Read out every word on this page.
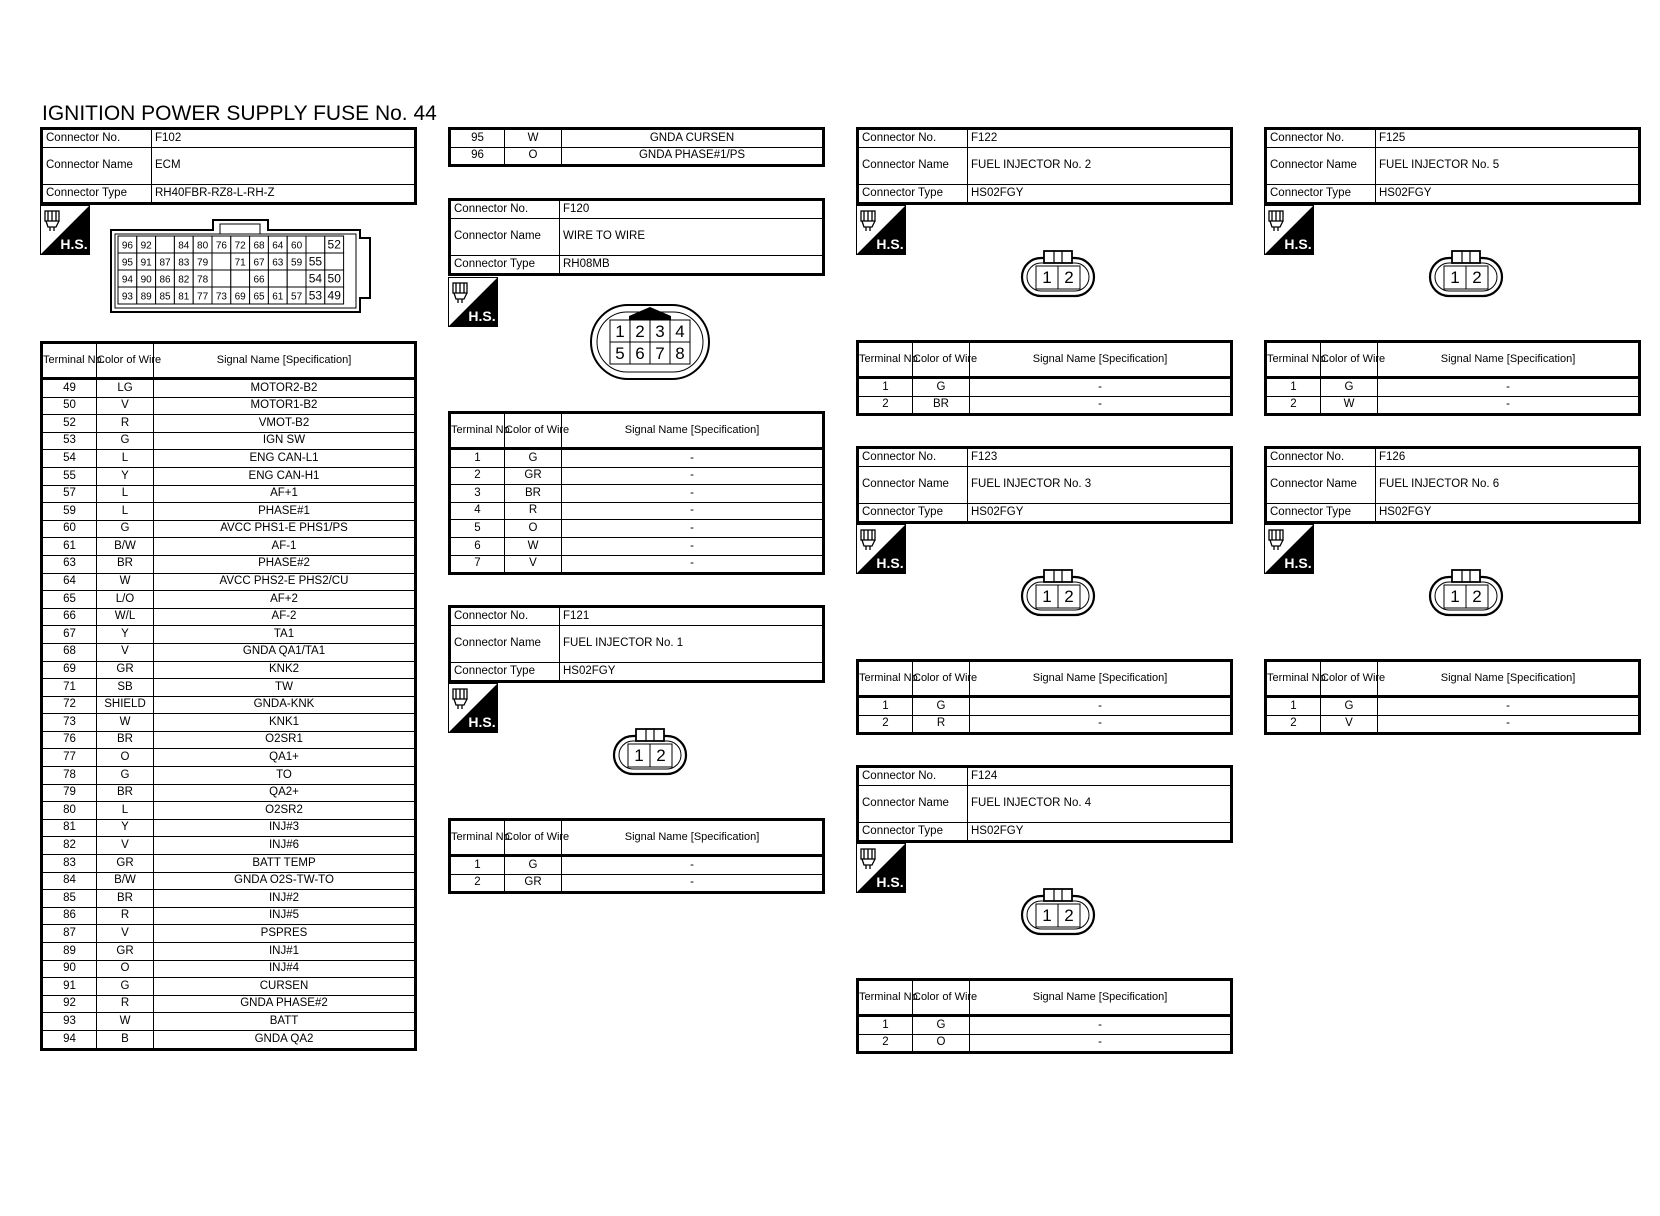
IGNITION POWER SUPPLY FUSE No. 44
Connector No.	F102
Connector Name	ECM
Connector Type	RH40FBR-RZ8-L-RH-Z
H.S.	96 92	84 80 76 72 68 64 60 52
95 91 87 83 79	71 67 63 59 55
94 90 86 82 78	66	54 50
93 89 85 81 77 73 69 65 61 57 53 49
Terminal No.	Color of Wire	Signal Name [Specification]
49	LG	MOTOR2-B2
50	V	MOTOR1-B2
52	R	VMOT-B2
53	G	IGN SW
54	L	ENG CAN-L1
55	Y	ENG CAN-H1
57	L	AF+1
59	L	PHASE#1
60	G	AVCC PHS1-E PHS1/PS
61	B/W	AF-1
63	BR	PHASE#2
64	W	AVCC PHS2-E PHS2/CU
65	L/O	AF+2
66	W/L	AF-2
67	Y	TA1
68	V	GNDA QA1/TA1
69	GR	KNK2
71	SB	TW
72	SHIELD	GNDA-KNK
73	W	KNK1
76	BR	O2SR1
77	O	QA1+
78	G	TO
79	BR	QA2+
80	L	O2SR2
81	Y	INJ#3
82	V	INJ#6
83	GR	BATT TEMP
84	B/W	GNDA O2S-TW-TO
85	BR	INJ#2
86	R	INJ#5
87	V	PSPRES
89	GR	INJ#1
90	O	INJ#4
91	G	CURSEN
92	R	GNDA PHASE#2
93	W	BATT
94	B	GNDA QA2
95	W	GNDA CURSEN
96	O	GNDA PHASE#1/PS
Connector No.	F120
Connector Name	WIRE TO WIRE
Connector Type	RH08MB
H.S.
1 2 3 4
5 6 7 8
Terminal No.	Color of Wire	Signal Name [Specification]
1	G	-
2	GR	-
3	BR	-
4	R	-
5	O	-
6	W	-
7	V	-
Connector No.	F121
Connector Name	FUEL INJECTOR No. 1
Connector Type	HS02FGY
H.S.
1 2
Terminal No.	Color of Wire	Signal Name [Specification]
1	G	-
2	GR	-
Connector No.	F122
Connector Name	FUEL INJECTOR No. 2
Connector Type	HS02FGY
H.S.
1 2
Terminal No.	Color of Wire	Signal Name [Specification]
1	G	-
2	BR	-
Connector No.	F123
Connector Name	FUEL INJECTOR No. 3
Connector Type	HS02FGY
H.S.
1 2
Terminal No.	Color of Wire	Signal Name [Specification]
1	G	-
2	R	-
Connector No.	F124
Connector Name	FUEL INJECTOR No. 4
Connector Type	HS02FGY
H.S.
1 2
Terminal No.	Color of Wire	Signal Name [Specification]
1	G	-
2	O	-
Connector No.	F125
Connector Name	FUEL INJECTOR No. 5
Connector Type	HS02FGY
H.S.
1 2
Terminal No.	Color of Wire	Signal Name [Specification]
1	G	-
2	W	-
Connector No.	F126
Connector Name	FUEL INJECTOR No. 6
Connector Type	HS02FGY
H.S.
1 2
Terminal No.	Color of Wire	Signal Name [Specification]
1	G	-
2	V	-
